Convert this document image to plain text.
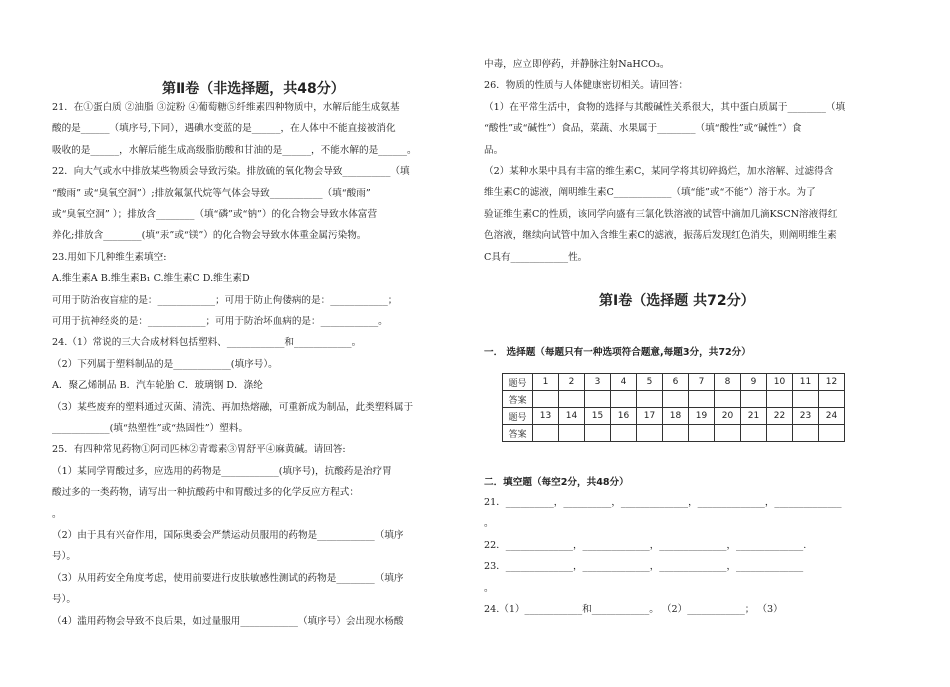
第Ⅱ卷（非选择题，共48分）
21．在①蛋白质 ②油脂 ③淀粉 ④葡萄糖⑤纤维素四种物质中，水解后能生成氨基
酸的是______（填序号,下同），遇碘水变蓝的是______，在人体中不能直接被消化
吸收的是______，水解后能生成高级脂肪酸和甘油的是______，不能水解的是______。
22．向大气或水中排放某些物质会导致污染。排放硫的氧化物会导致__________（填
“酸雨” 或“臭氧空洞”）;排放氟氯代烷等气体会导致___________（填“酸雨”
或“臭氧空洞” ）；排放含________（填“磷”或“钠”）的化合物会导致水体富营
养化;排放含________(填“汞”或“镁”）的化合物会导致水体重金属污染物。
23.用如下几种维生素填空:
A.维生素A B.维生素B₁ C.维生素C D.维生素D
可用于防治夜盲症的是：____________；可用于防止佝偻病的是：____________；
可用于抗神经炎的是：____________；可用于防治坏血病的是：____________。
24.（1）常说的三大合成材料包括塑料、____________和____________。
（2）下列属于塑料制品的是____________(填序号）。
A．聚乙烯制品 B．汽车轮胎 C．玻璃钢 D．涤纶
（3）某些废弃的塑料通过灭菌、清洗、再加热熔融，可重新成为制品，此类塑料属于
____________(填“热塑性”或“热固性”）塑料。
25．有四种常见药物①阿司匹林②青霉素③胃舒平④麻黄碱。请回答:
（1）某同学胃酸过多，应选用的药物是____________(填序号)，抗酸药是治疗胃
酸过多的一类药物，请写出一种抗酸药中和胃酸过多的化学反应方程式：
。
（2）由于具有兴奋作用，国际奥委会严禁运动员服用的药物是____________（填序
号）。
（3）从用药安全角度考虑，使用前要进行皮肤敏感性测试的药物是________（填序
号）。
（4）滥用药物会导致不良后果，如过量服用____________（填序号）会出现水杨酸
中毒，应立即停药，并静脉注射NaHCO₃。
26．物质的性质与人体健康密切相关。请回答：
（1）在平常生活中，食物的选择与其酸碱性关系很大，其中蛋白质属于________（填
“酸性”或“碱性”）食品，菜蔬、水果属于________（填“酸性”或“碱性”）食
品。
（2）某种水果中具有丰富的维生素C，某同学将其切碎捣烂，加水溶解、过滤得含
维生素C的滤液，阐明维生素C____________（填“能”或“不能”）溶于水。为了
验证维生素C的性质，该同学向盛有三氯化铁溶液的试管中滴加几滴KSCN溶液得红
色溶液，继续向试管中加入含维生素C的滤液，振荡后发现红色消失，则阐明维生素
C具有____________性。
第Ⅰ卷（选择题 共72分）
一． 选择题（每题只有一种选项符合题意,每题3分，共72分）
题号	1	2	3	4	5	6	7	8	9	10	11	12
答案												
题号	13	14	15	16	17	18	19	20	21	22	23	24
答案												
二．填空题（每空2分，共48分）
21．__________，__________，______________，______________，______________
。
22．______________，______________，______________，______________.
23．______________，______________，______________，______________
。
24.（1）____________和____________。 （2）____________； （3）
